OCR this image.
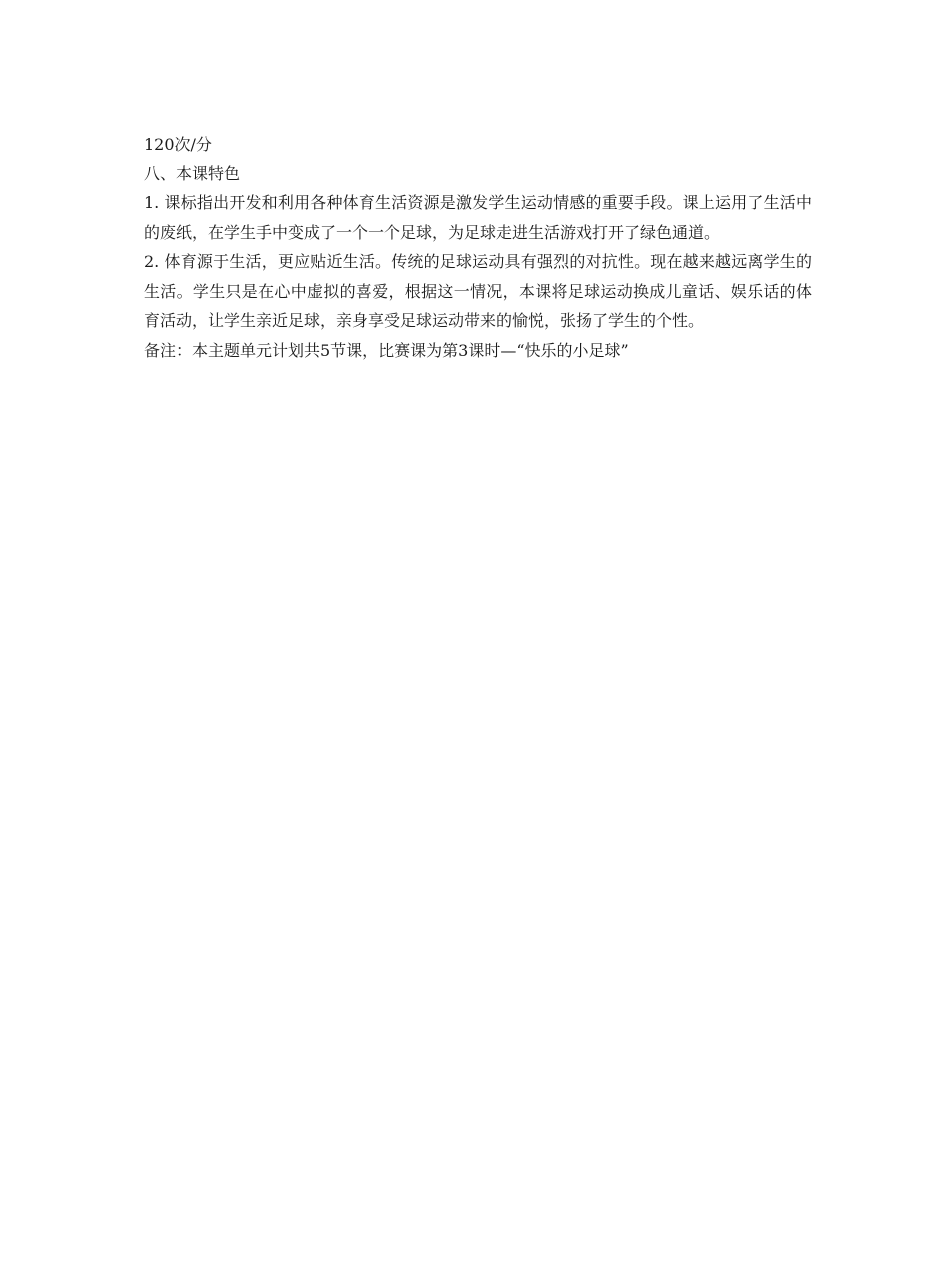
120次/分

八、本课特色

1. 课标指出开发和利用各种体育生活资源是激发学生运动情感的重要手段。课上运用了生活中的废纸，在学生手中变成了一个一个足球，为足球走进生活游戏打开了绿色通道。

2. 体育源于生活，更应贴近生活。传统的足球运动具有强烈的对抗性。现在越来越远离学生的生活。学生只是在心中虚拟的喜爱，根据这一情况，本课将足球运动换成儿童话、娱乐话的体育活动，让学生亲近足球，亲身享受足球运动带来的愉悦，张扬了学生的个性。

备注：本主题单元计划共5节课，比赛课为第3课时—“快乐的小足球”
